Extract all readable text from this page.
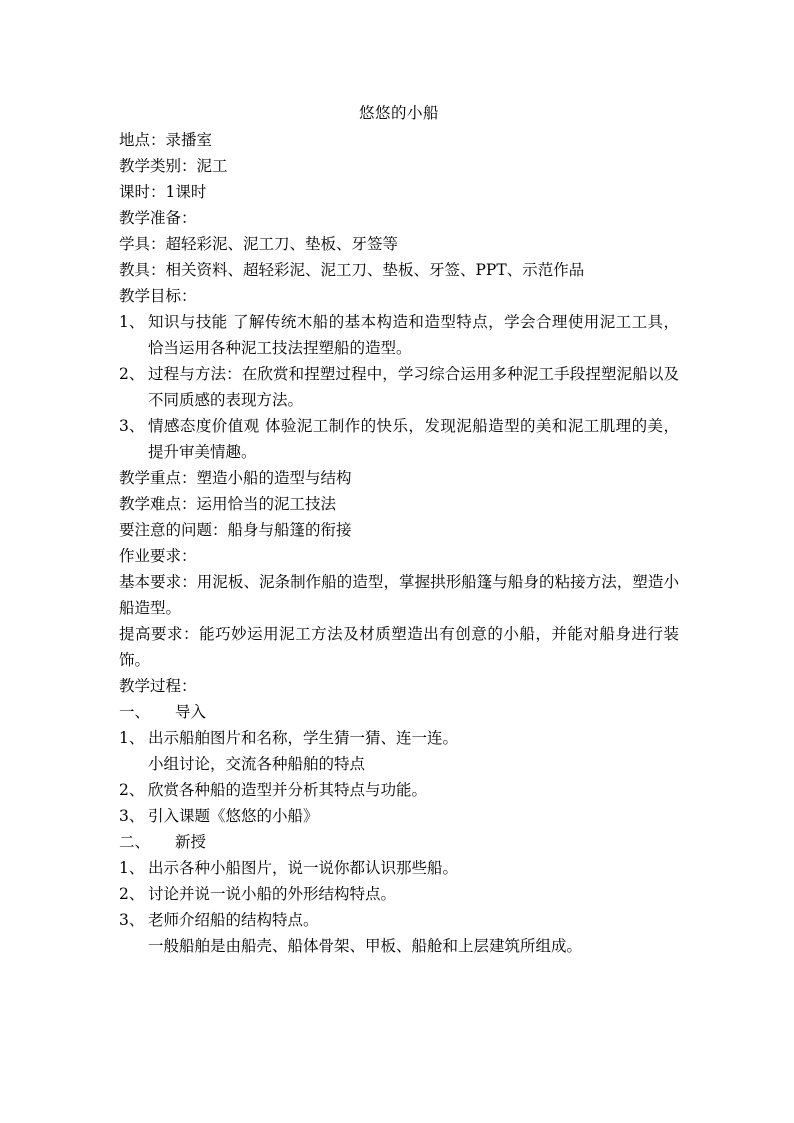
悠悠的小船
地点：录播室
教学类别：泥工
课时：1课时
教学准备：
学具：超轻彩泥、泥工刀、垫板、牙签等
教具：相关资料、超轻彩泥、泥工刀、垫板、牙签、PPT、示范作品
教学目标：
1、 知识与技能 了解传统木船的基本构造和造型特点，学会合理使用泥工工具，恰当运用各种泥工技法捏塑船的造型。
2、 过程与方法：在欣赏和捏塑过程中，学习综合运用多种泥工手段捏塑泥船以及不同质感的表现方法。
3、 情感态度价值观 体验泥工制作的快乐，发现泥船造型的美和泥工肌理的美，提升审美情趣。
教学重点：塑造小船的造型与结构
教学难点：运用恰当的泥工技法
要注意的问题：船身与船篷的衔接
作业要求：
基本要求：用泥板、泥条制作船的造型，掌握拱形船篷与船身的粘接方法，塑造小船造型。
提高要求：能巧妙运用泥工方法及材质塑造出有创意的小船，并能对船身进行装饰。
教学过程：
一、	导入
1、 出示船舶图片和名称，学生猜一猜、连一连。
小组讨论，交流各种船舶的特点
2、 欣赏各种船的造型并分析其特点与功能。
3、 引入课题《悠悠的小船》
二、	新授
1、 出示各种小船图片，说一说你都认识那些船。
2、 讨论并说一说小船的外形结构特点。
3、 老师介绍船的结构特点。
一般船舶是由船壳、船体骨架、甲板、船舱和上层建筑所组成。
